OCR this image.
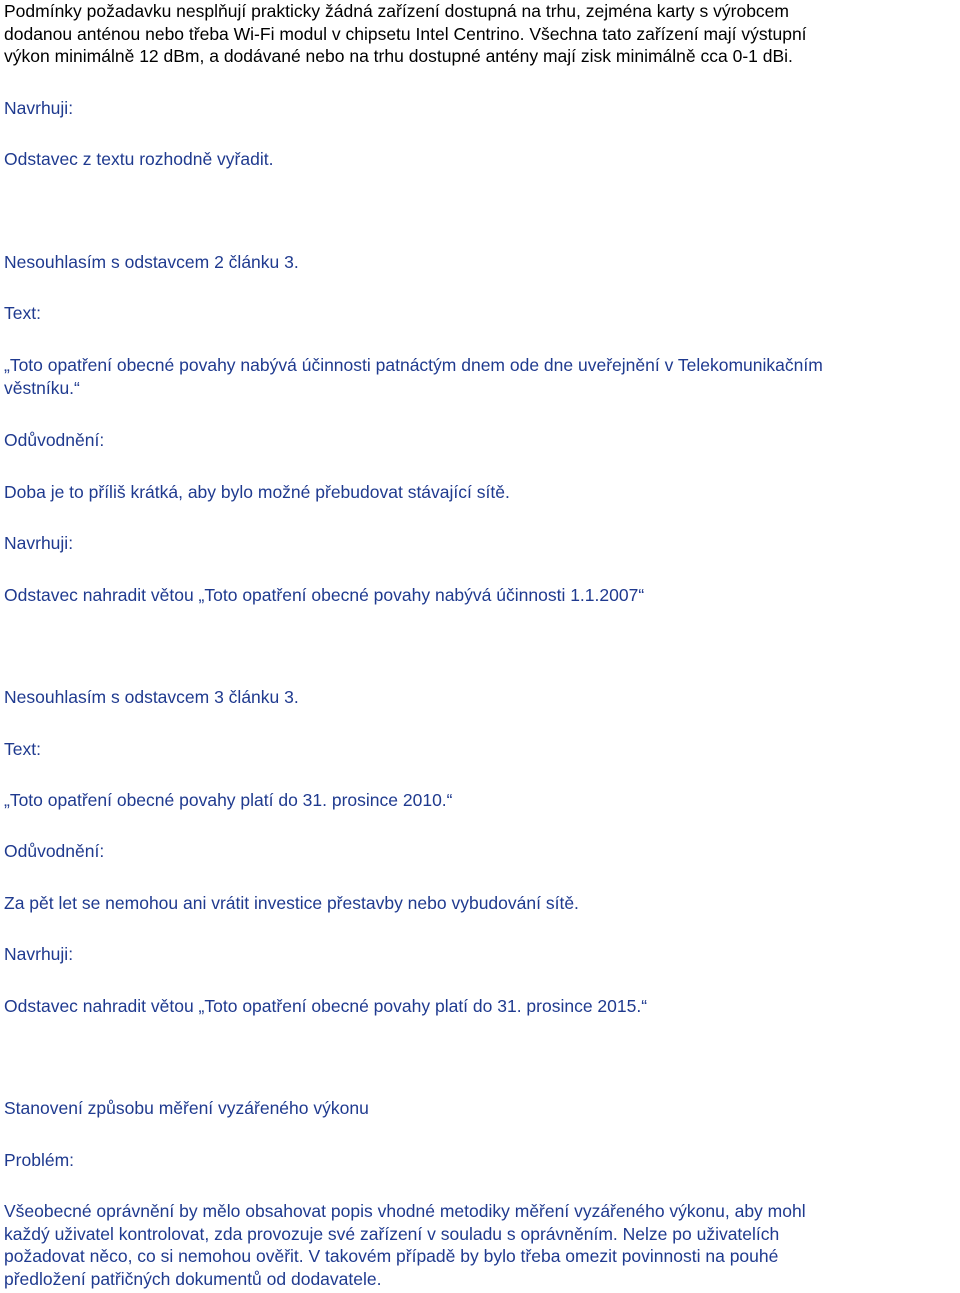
Podmínky požadavku nesplňují prakticky žádná zařízení dostupná na trhu, zejména karty s výrobcem
dodanou anténou nebo třeba Wi-Fi modul v chipsetu Intel Centrino. Všechna tato zařízení mají výstupní
výkon minimálně 12 dBm, a dodávané nebo na trhu dostupné antény mají zisk minimálně cca 0-1 dBi.
Navrhuji:
Odstavec z textu rozhodně vyřadit.
Nesouhlasím s odstavcem 2 článku 3.
Text:
„Toto opatření obecné povahy nabývá účinnosti patnáctým dnem ode dne uveřejnění v Telekomunikačním
věstníku.“
Odůvodnění:
Doba je to příliš krátká, aby bylo možné přebudovat stávající sítě.
Navrhuji:
Odstavec nahradit větou „Toto opatření obecné povahy nabývá účinnosti 1.1.2007“
Nesouhlasím s odstavcem 3 článku 3.
Text:
„Toto opatření obecné povahy platí do 31. prosince 2010.“
Odůvodnění:
Za pět let se nemohou ani vrátit investice přestavby nebo vybudování sítě.
Navrhuji:
Odstavec nahradit větou „Toto opatření obecné povahy platí do 31. prosince 2015.“
Stanovení způsobu měření vyzářeného výkonu
Problém:
Všeobecné oprávnění by mělo obsahovat popis vhodné metodiky měření vyzářeného výkonu, aby mohl
každý uživatel kontrolovat, zda provozuje své zařízení v souladu s oprávněním. Nelze po uživatelích
požadovat něco, co si nemohou ověřit. V takovém případě by bylo třeba omezit povinnosti na pouhé
předložení patřičných dokumentů od dodavatele.
